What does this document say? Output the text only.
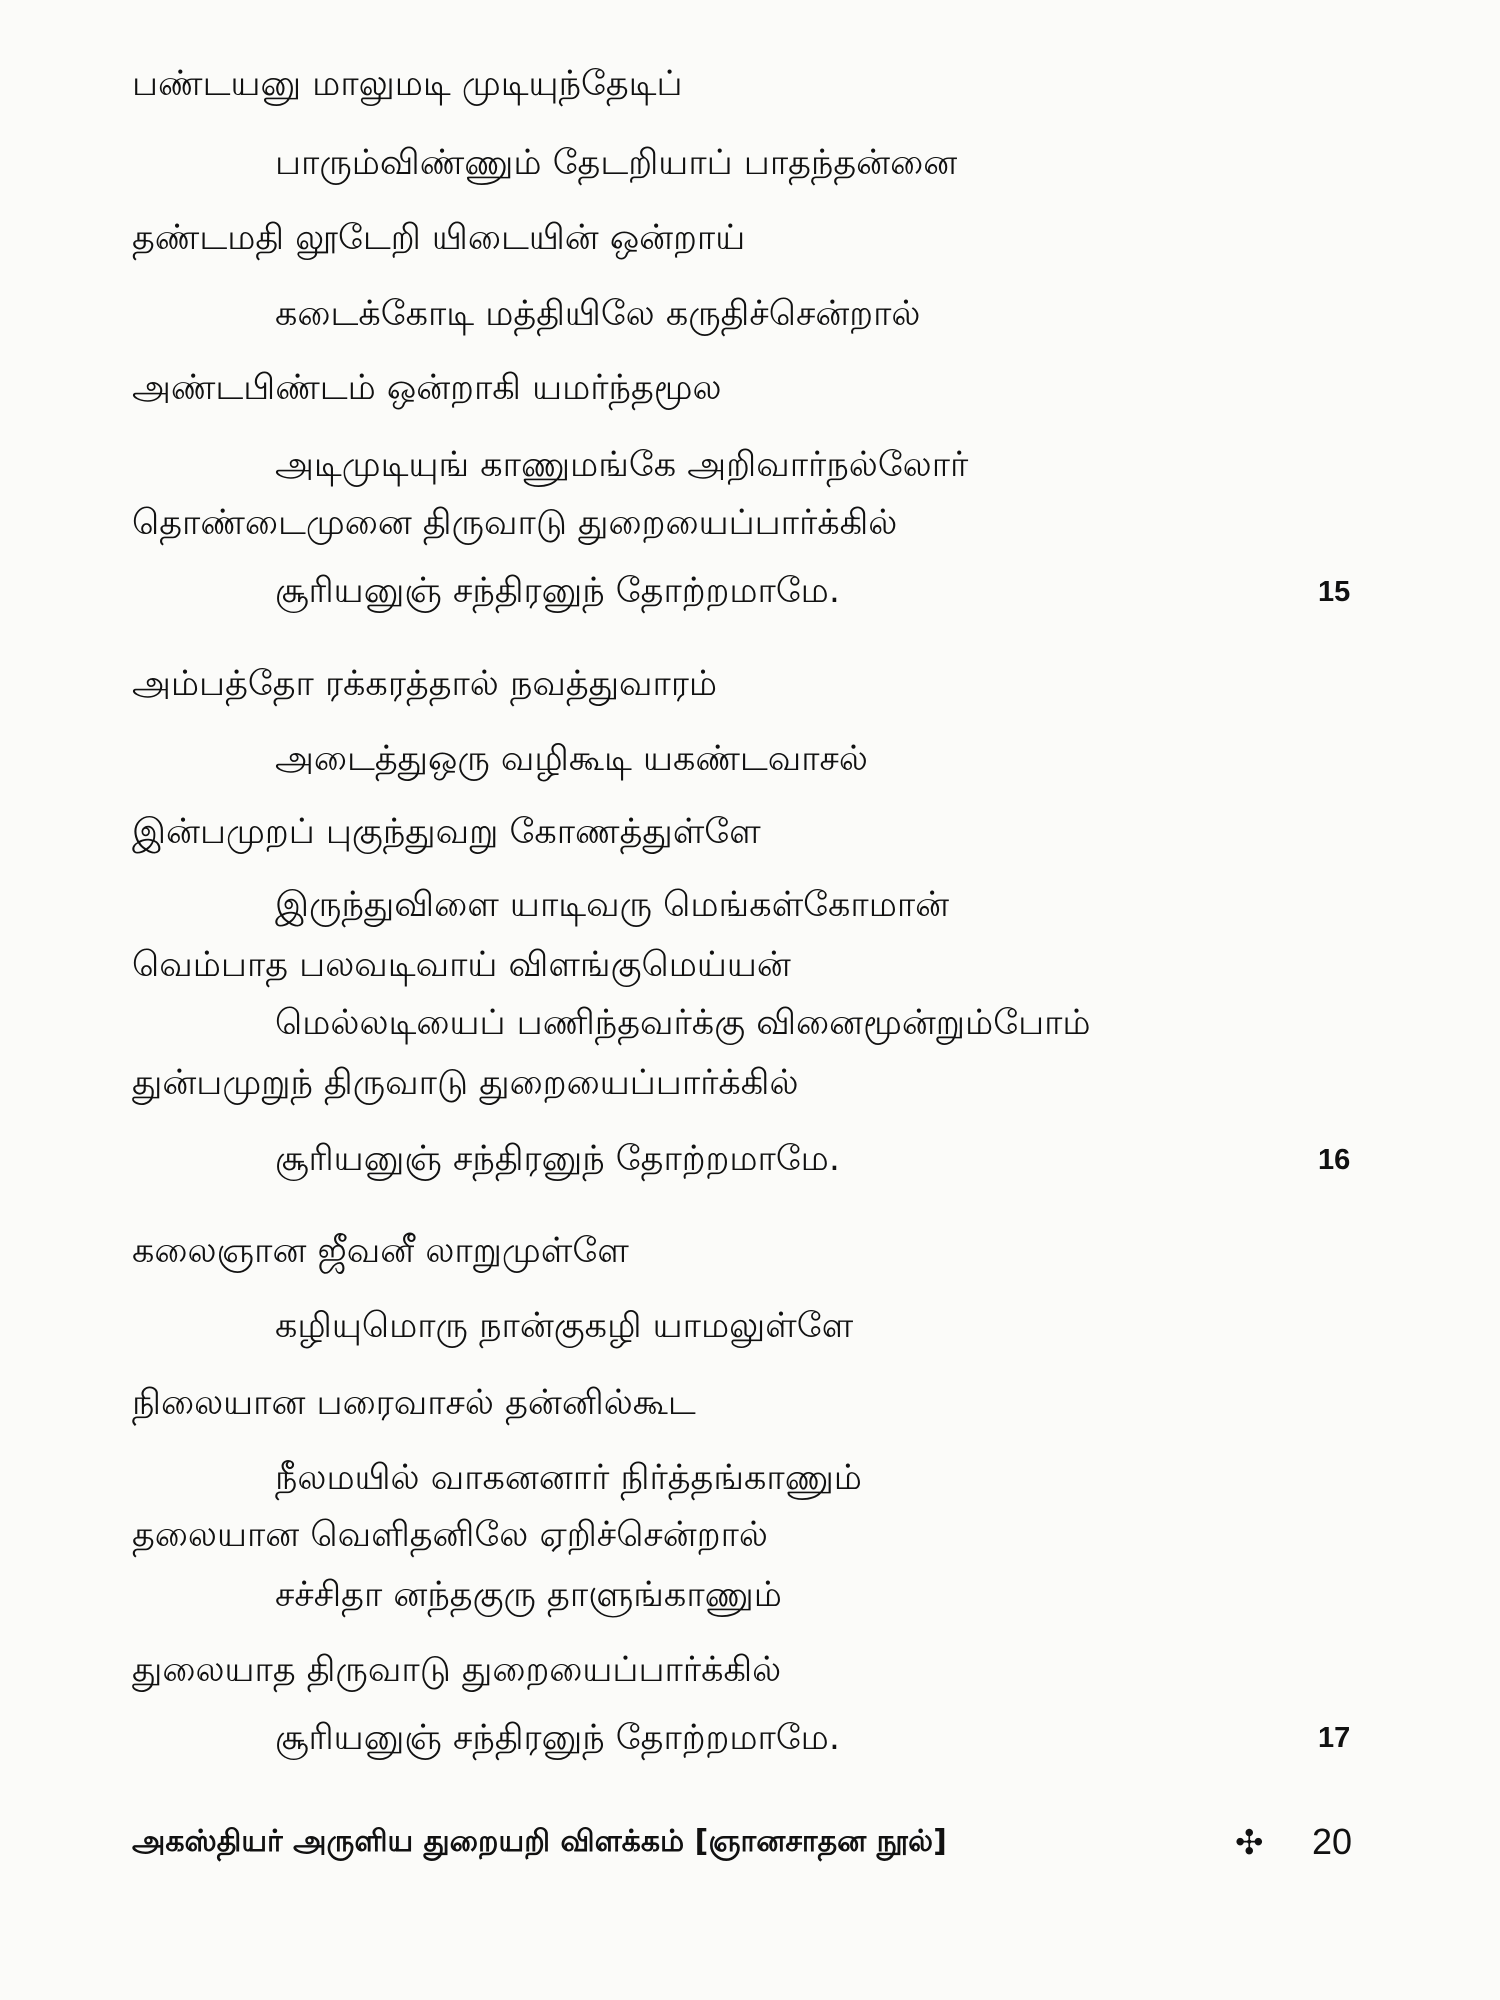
பண்டயனு மாலுமடி முடியுந்தேடிப்
பாரும்விண்ணும் தேடறியாப் பாதந்தன்னை
தண்டமதி லூடேறி யிடையின் ஒன்றாய்
கடைக்கோடி மத்தியிலே கருதிச்சென்றால்
அண்டபிண்டம் ஒன்றாகி யமர்ந்தமூல
அடிமுடியுங் காணுமங்கே அறிவார்நல்லோர்
தொண்டைமுனை திருவாடு துறையைப்பார்க்கில்
சூரியனுஞ் சந்திரனுந் தோற்றமாமே.	15
அம்பத்தோ ரக்கரத்தால் நவத்துவாரம்
அடைத்துஒரு வழிகூடி யகண்டவாசல்
இன்பமுறப் புகுந்துவறு கோணத்துள்ளே
இருந்துவிளை யாடிவரு மெங்கள்கோமான்
வெம்பாத பலவடிவாய் விளங்குமெய்யன்
மெல்லடியைப் பணிந்தவர்க்கு வினைமூன்றும்போம்
துன்பமுறுந் திருவாடு துறையைப்பார்க்கில்
சூரியனுஞ் சந்திரனுந் தோற்றமாமே.	16
கலைஞான ஜீவனீ லாறுமுள்ளே
கழியுமொரு நான்குகழி யாமலுள்ளே
நிலையான பரைவாசல் தன்னில்கூட
நீலமயில் வாகனனார் நிர்த்தங்காணும்
தலையான வெளிதனிலே ஏறிச்சென்றால்
சச்சிதா னந்தகுரு தாளுங்காணும்
துலையாத திருவாடு துறையைப்பார்க்கில்
சூரியனுஞ் சந்திரனுந் தோற்றமாமே.	17
அகஸ்தியர் அருளிய துறையறி விளக்கம் [ஞானசாதன நூல்]	✣ 20
